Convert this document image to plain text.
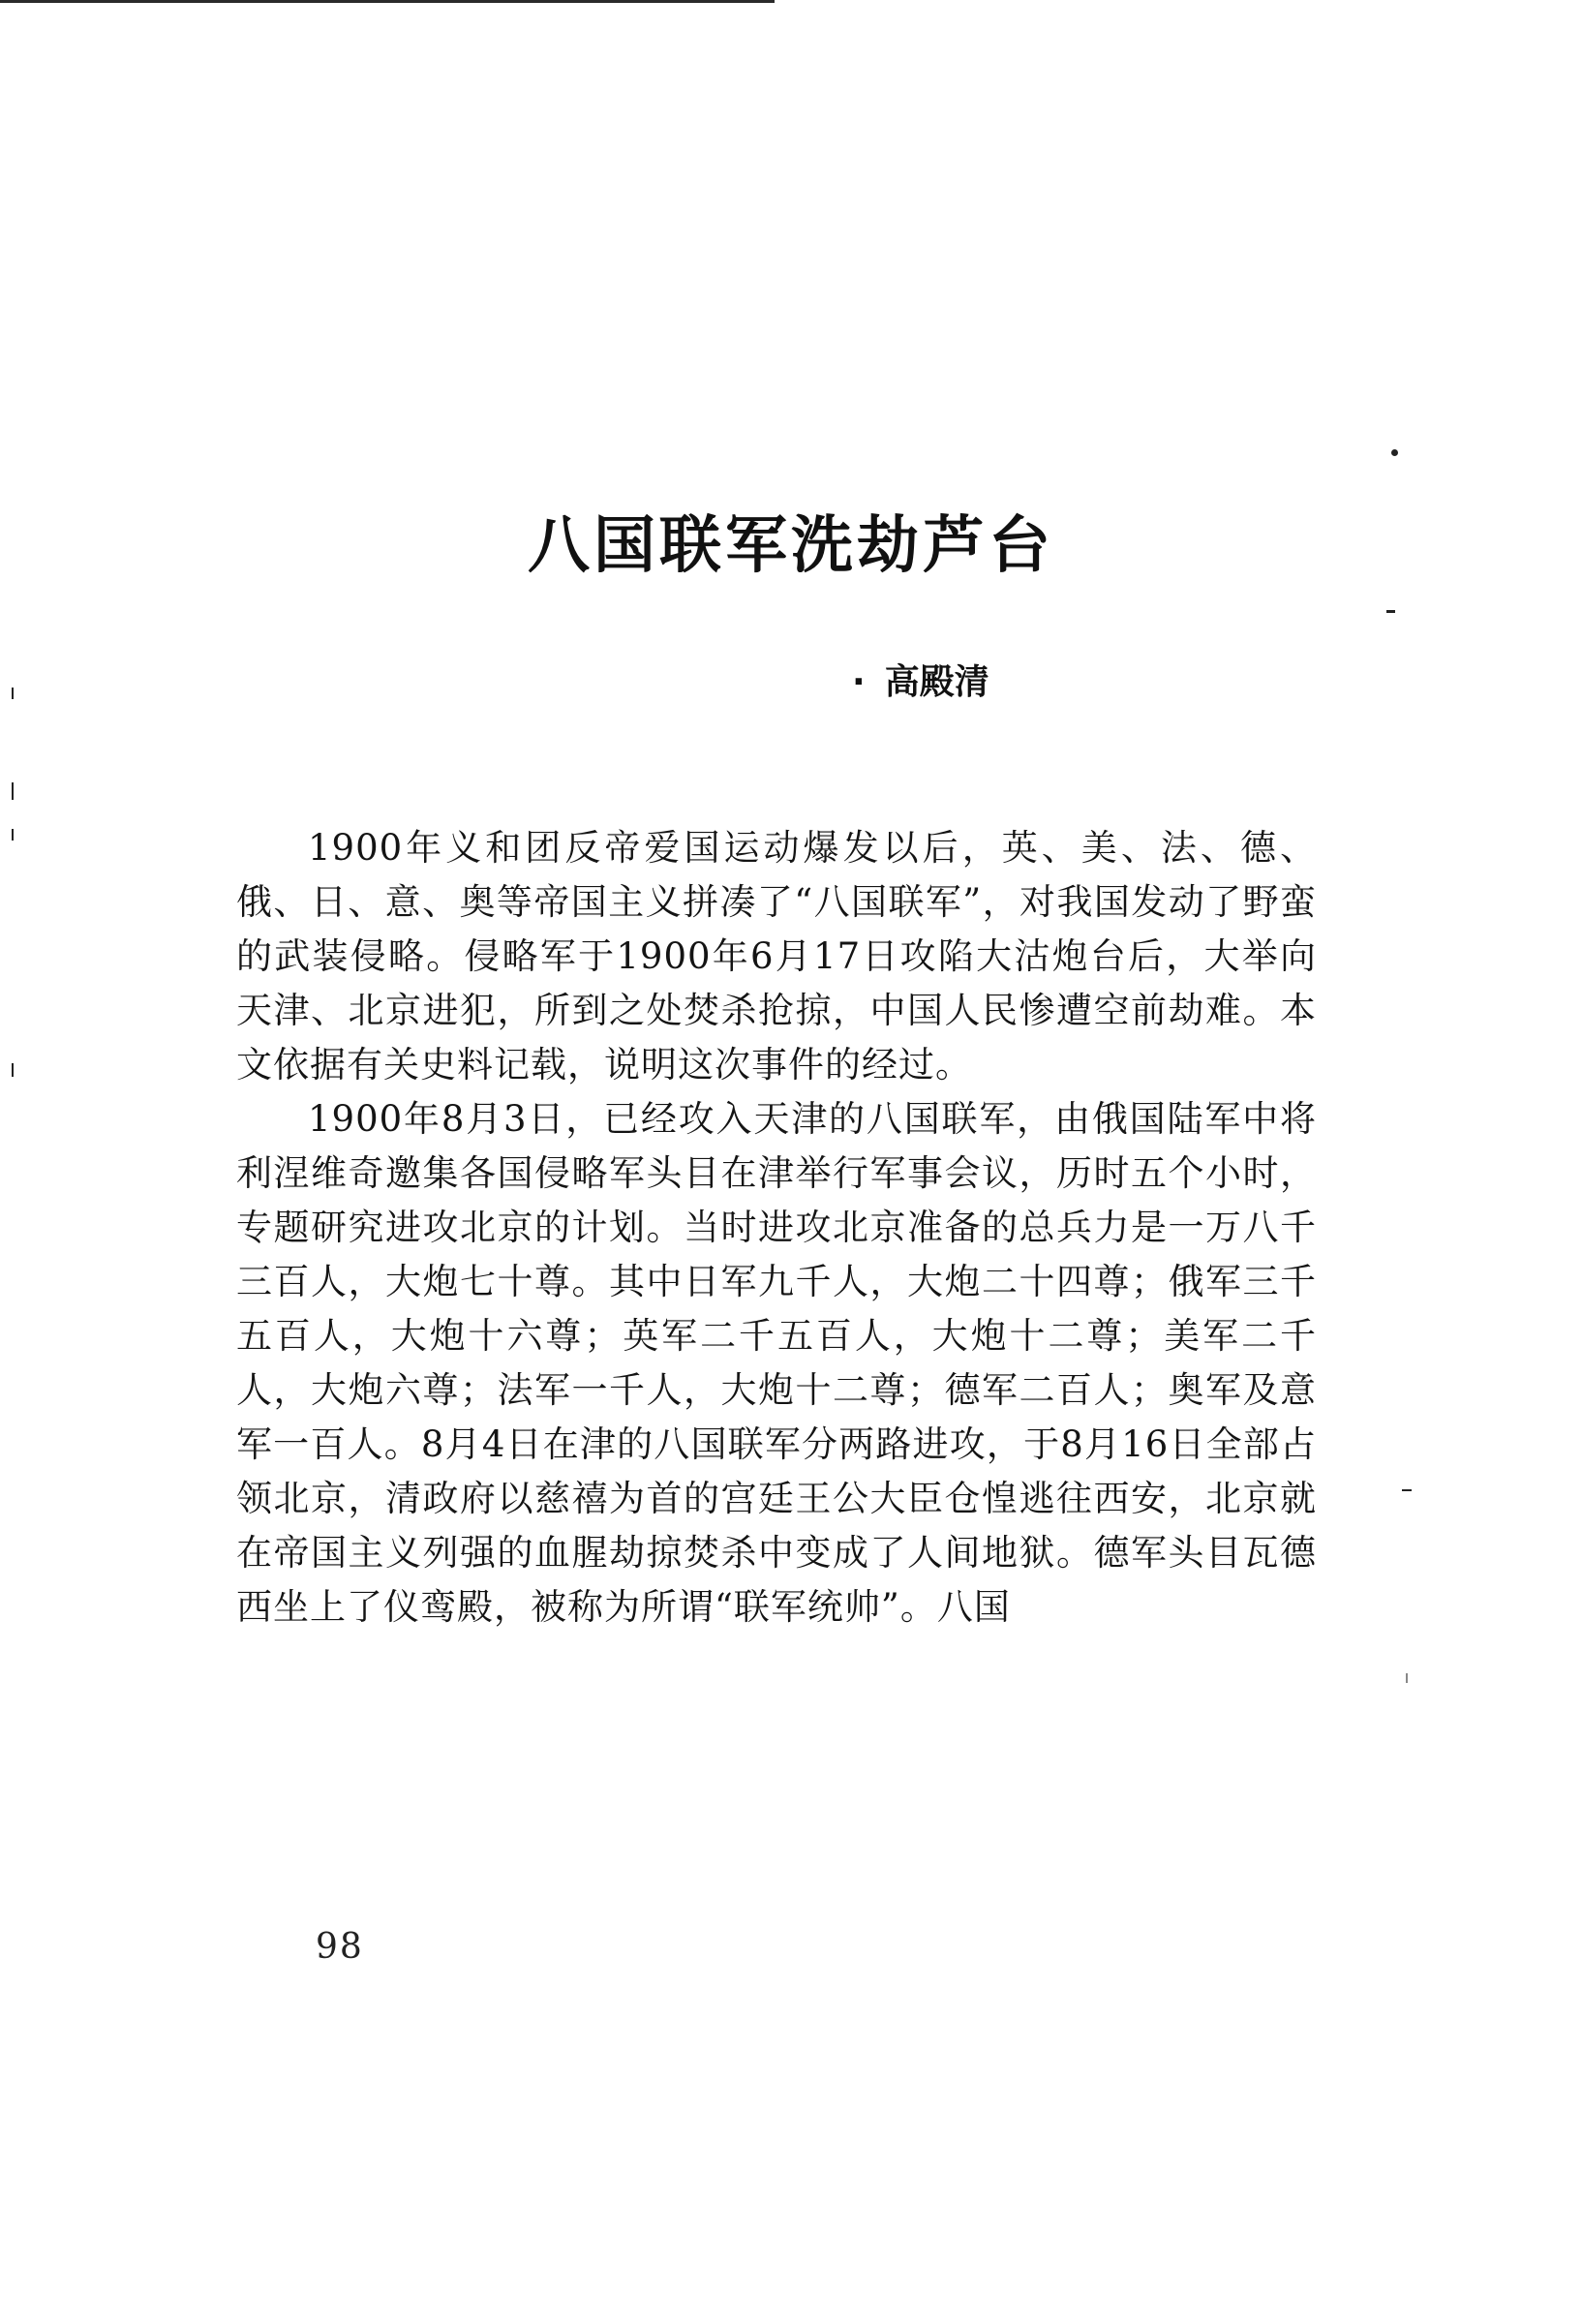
八国联军洗劫芦台
· 高殿清

1900年义和团反帝爱国运动爆发以后，英、美、法、德、俄、日、意、奥等帝国主义拼凑了“八国联军”，对我国发动了野蛮的武装侵略。侵略军于1900年6月17日攻陷大沽炮台后，大举向天津、北京进犯，所到之处焚杀抢掠，中国人民惨遭空前劫难。本文依据有关史料记载，说明这次事件的经过。

1900年8月3日，已经攻入天津的八国联军，由俄国陆军中将利涅维奇邀集各国侵略军头目在津举行军事会议，历时五个小时，专题研究进攻北京的计划。当时进攻北京准备的总兵力是一万八千三百人，大炮七十尊。其中日军九千人，大炮二十四尊；俄军三千五百人，大炮十六尊；英军二千五百人，大炮十二尊；美军二千人，大炮六尊；法军一千人，大炮十二尊；德军二百人；奥军及意军一百人。8月4日在津的八国联军分两路进攻，于8月16日全部占领北京，清政府以慈禧为首的宫廷王公大臣仓惶逃往西安，北京就在帝国主义列强的血腥劫掠焚杀中变成了人间地狱。德军头目瓦德西坐上了仪鸾殿，被称为所谓“联军统帅”。八国

98
